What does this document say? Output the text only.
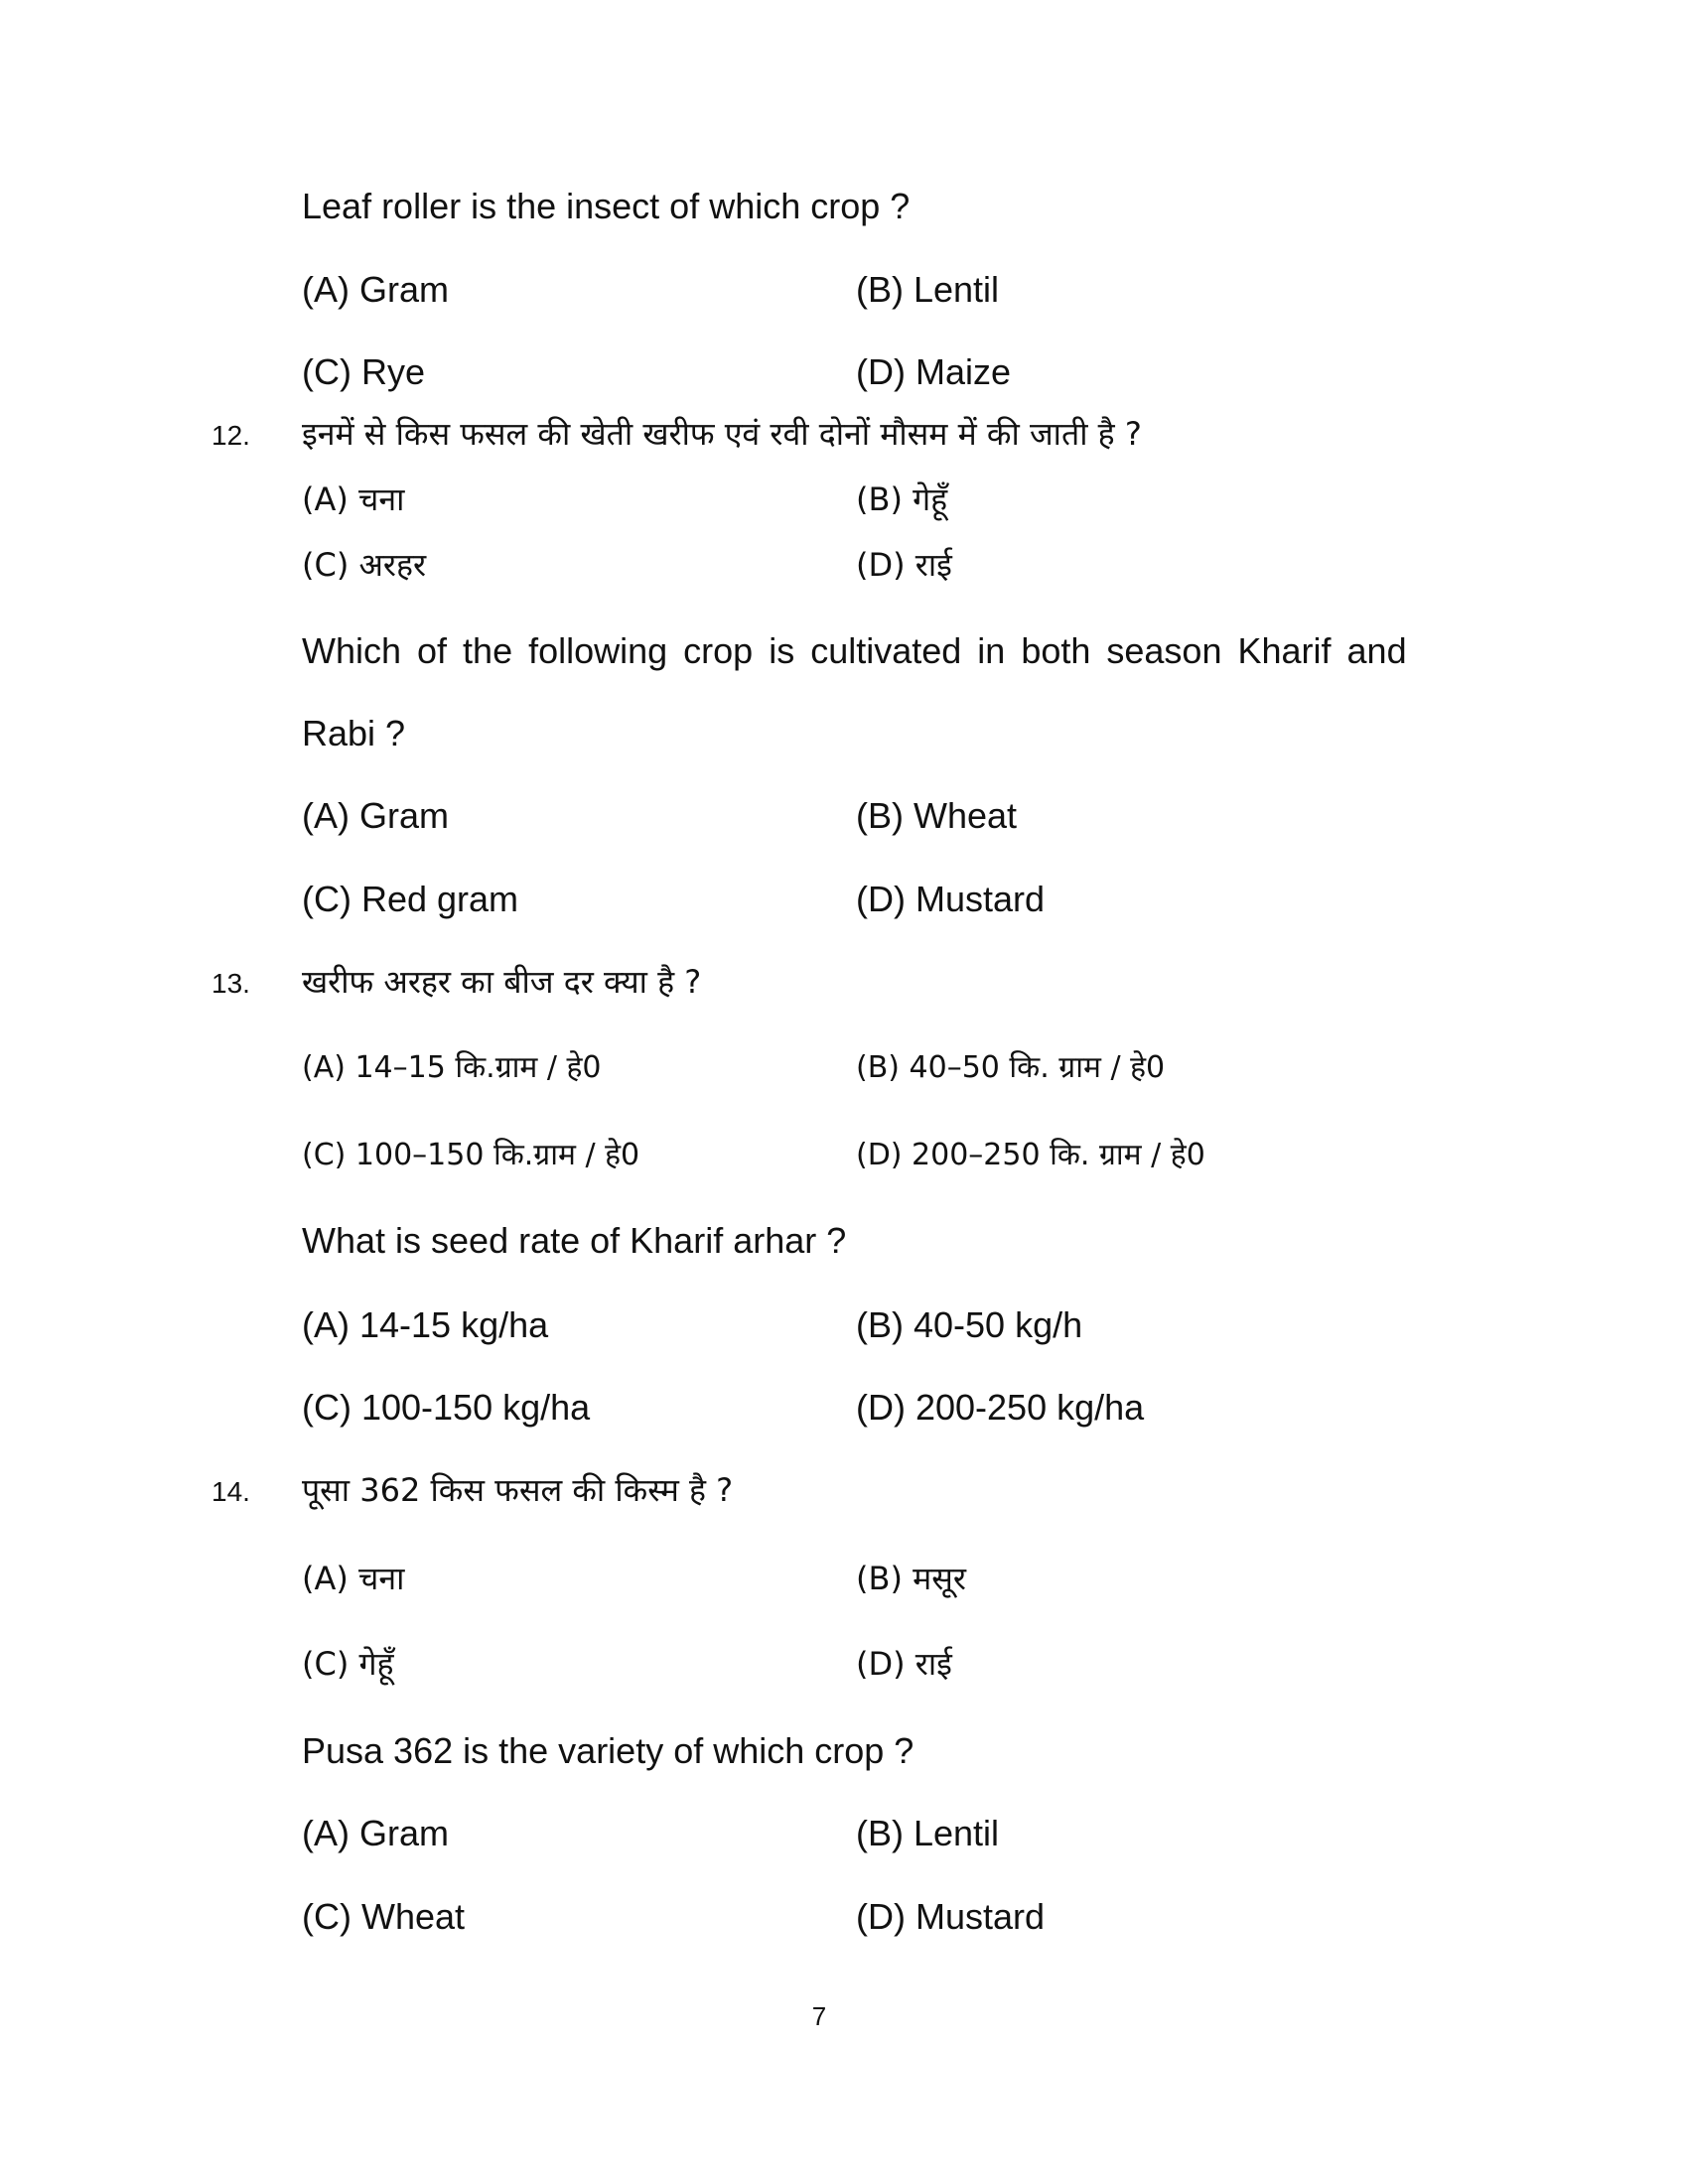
Leaf roller is the insect of which crop ?
(A) Gram	(B) Lentil
(C) Rye	(D) Maize
12. इनमें से किस फसल की खेती खरीफ एवं रवी दोनों मौसम में की जाती है ?
(A) चना	(B) गेहूँ
(C) अरहर	(D) राई
Which of the following crop is cultivated in both season Kharif and
Rabi ?
(A) Gram	(B) Wheat
(C) Red gram	(D) Mustard
13. खरीफ अरहर का बीज दर क्या है ?
(A) 14–15 कि.ग्राम / हे0	(B) 40–50 कि. ग्राम / हे0
(C) 100–150 कि.ग्राम / हे0	(D) 200–250 कि. ग्राम / हे0
What is seed rate of Kharif arhar ?
(A) 14-15 kg/ha	(B) 40-50 kg/h
(C) 100-150 kg/ha	(D) 200-250 kg/ha
14. पूसा 362 किस फसल की किस्म है ?
(A) चना	(B) मसूर
(C) गेहूँ	(D) राई
Pusa 362 is the variety of which crop ?
(A) Gram	(B) Lentil
(C) Wheat	(D) Mustard
7
